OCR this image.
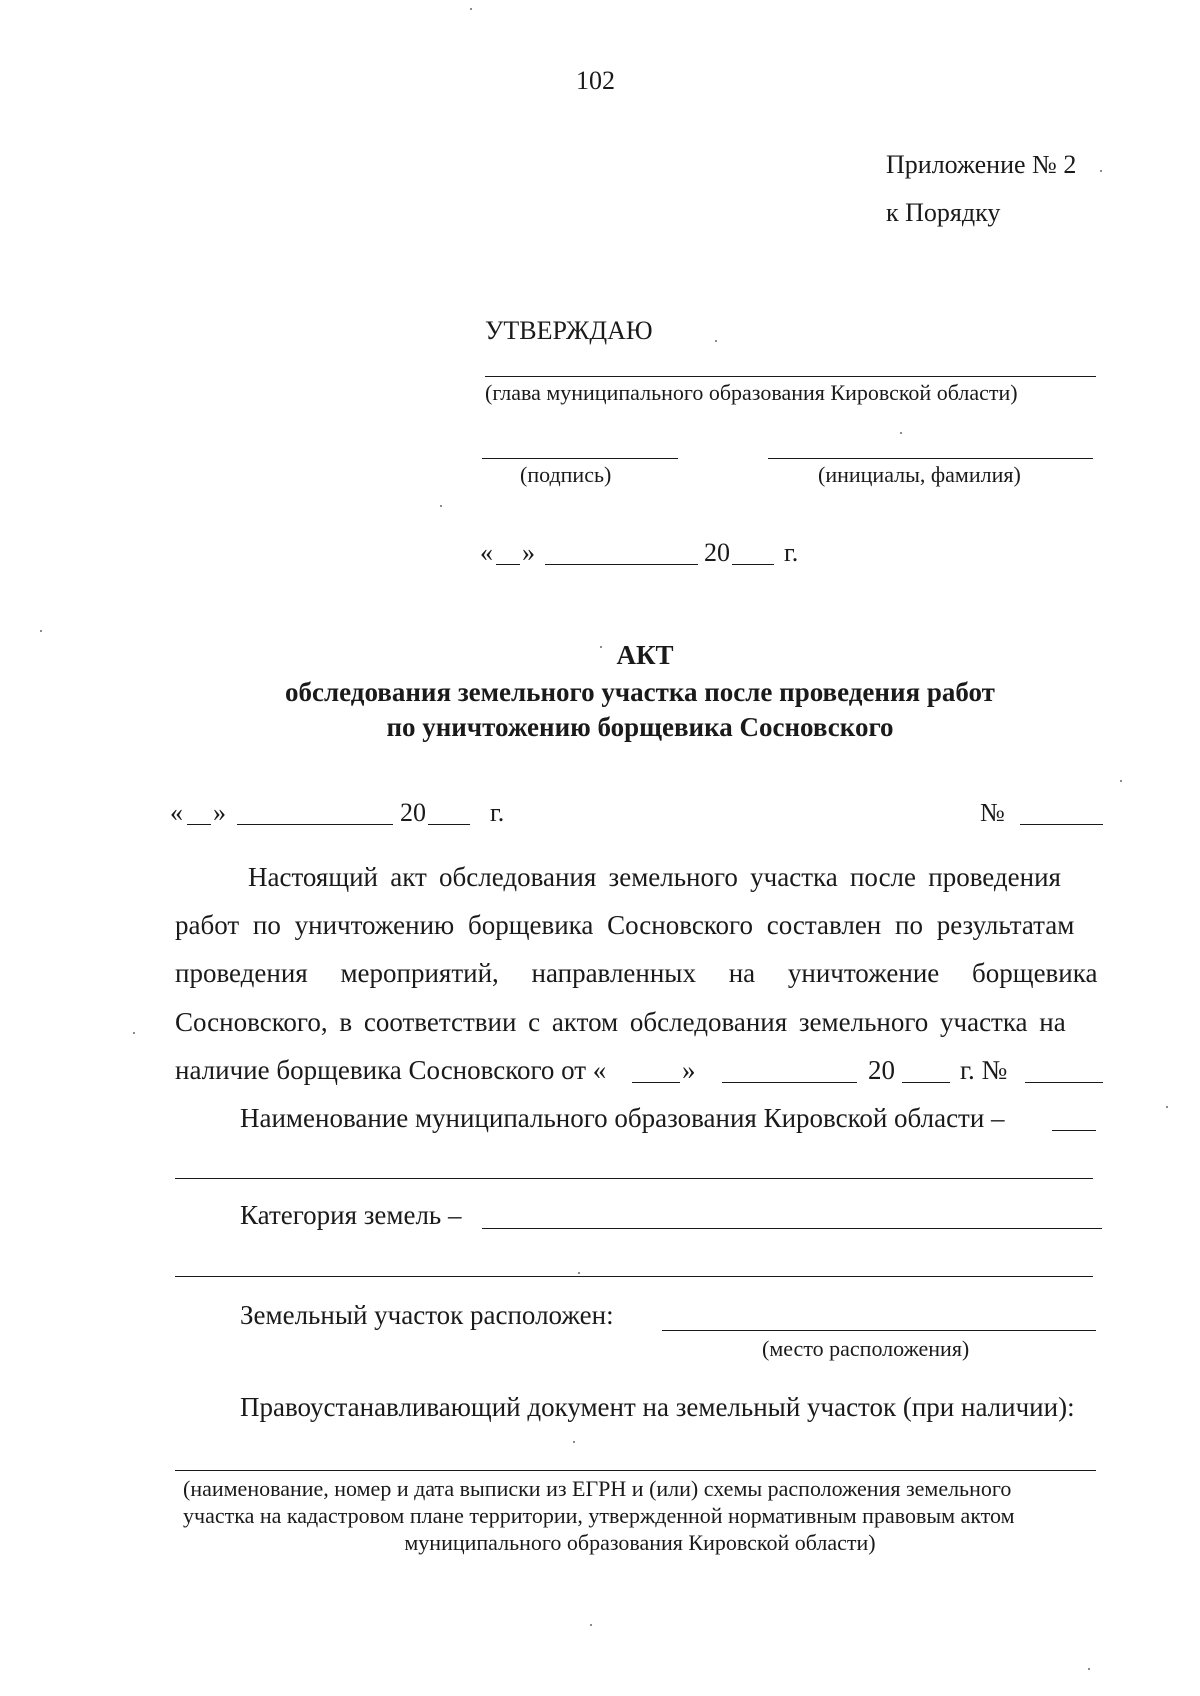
102
Приложение № 2
к Порядку
УТВЕРЖДАЮ
(глава муниципального образования Кировской области)
(подпись)	(инициалы, фамилия)
« »	20 г.
АКТ
обследования земельного участка после проведения работ
по уничтожению борщевика Сосновского
« »	20 г.	№
Настоящий акт обследования земельного участка после проведения
работ по уничтожению борщевика Сосновского составлен по результатам
проведения мероприятий, направленных на уничтожение борщевика
Сосновского, в соответствии с актом обследования земельного участка на
наличие борщевика Сосновского от «	»	20 г. №
Наименование муниципального образования Кировской области –
Категория земель –
Земельный участок расположен:
(место расположения)
Правоустанавливающий документ на земельный участок (при наличии):
(наименование, номер и дата выписки из ЕГРН и (или) схемы расположения земельного
участка на кадастровом плане территории, утвержденной нормативным правовым актом
муниципального образования Кировской области)
